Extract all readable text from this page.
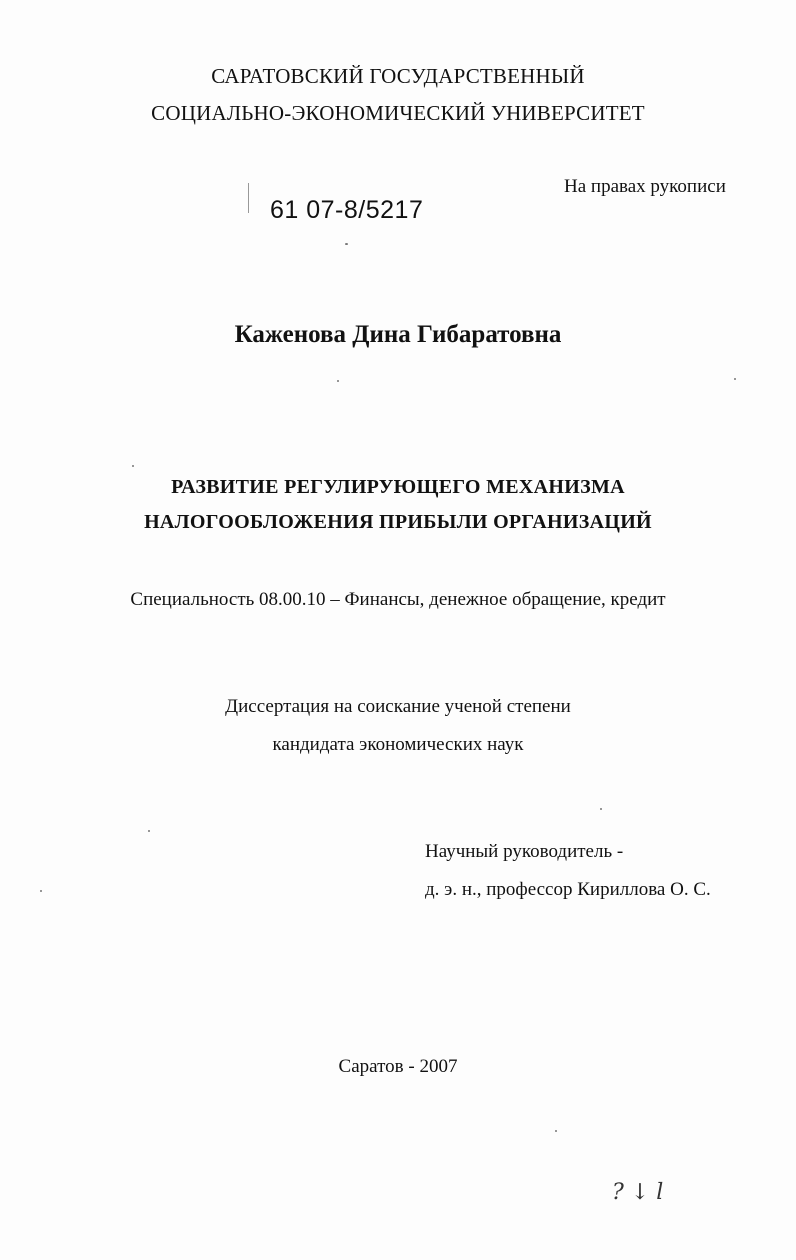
САРАТОВСКИЙ ГОСУДАРСТВЕННЫЙ
СОЦИАЛЬНО-ЭКОНОМИЧЕСКИЙ УНИВЕРСИТЕТ
На правах рукописи
61 07-8/5217
Каженова Дина Гибаратовна
РАЗВИТИЕ РЕГУЛИРУЮЩЕГО МЕХАНИЗМА
НАЛОГООБЛОЖЕНИЯ ПРИБЫЛИ ОРГАНИЗАЦИЙ
Специальность 08.00.10 – Финансы, денежное обращение, кредит
Диссертация на соискание ученой степени
кандидата экономических наук
Научный руководитель -
д. э. н., профессор Кириллова О. С.
Саратов - 2007
? ↓ l
